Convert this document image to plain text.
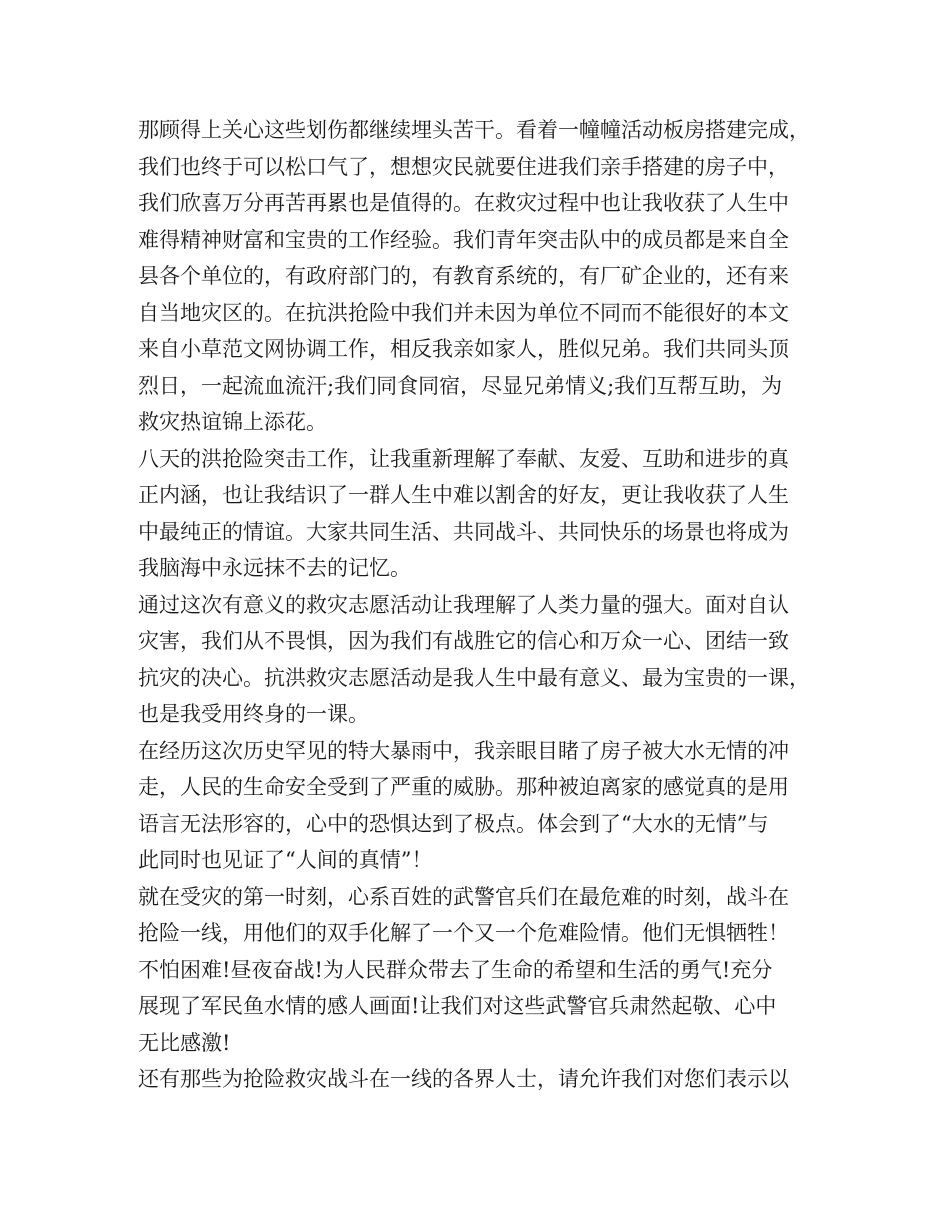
那顾得上关心这些划伤都继续埋头苦干。看着一幢幢活动板房搭建完成，
我们也终于可以松口气了，想想灾民就要住进我们亲手搭建的房子中，
我们欣喜万分再苦再累也是值得的。在救灾过程中也让我收获了人生中
难得精神财富和宝贵的工作经验。我们青年突击队中的成员都是来自全
县各个单位的，有政府部门的，有教育系统的，有厂矿企业的，还有来
自当地灾区的。在抗洪抢险中我们并未因为单位不同而不能很好的本文
来自小草范文网协调工作，相反我亲如家人，胜似兄弟。我们共同头顶
烈日，一起流血流汗;我们同食同宿，尽显兄弟情义;我们互帮互助，为
救灾热谊锦上添花。
八天的洪抢险突击工作，让我重新理解了奉献、友爱、互助和进步的真
正内涵，也让我结识了一群人生中难以割舍的好友，更让我收获了人生
中最纯正的情谊。大家共同生活、共同战斗、共同快乐的场景也将成为
我脑海中永远抹不去的记忆。
通过这次有意义的救灾志愿活动让我理解了人类力量的强大。面对自认
灾害，我们从不畏惧，因为我们有战胜它的信心和万众一心、团结一致
抗灾的决心。抗洪救灾志愿活动是我人生中最有意义、最为宝贵的一课，
也是我受用终身的一课。
在经历这次历史罕见的特大暴雨中，我亲眼目睹了房子被大水无情的冲
走，人民的生命安全受到了严重的威胁。那种被迫离家的感觉真的是用
语言无法形容的，心中的恐惧达到了极点。体会到了“大水的无情”与
此同时也见证了“人间的真情”！
就在受灾的第一时刻，心系百姓的武警官兵们在最危难的时刻，战斗在
抢险一线，用他们的双手化解了一个又一个危难险情。他们无惧牺牲！
不怕困难!昼夜奋战!为人民群众带去了生命的希望和生活的勇气!充分
展现了军民鱼水情的感人画面!让我们对这些武警官兵肃然起敬、心中
无比感激!
还有那些为抢险救灾战斗在一线的各界人士，请允许我们对您们表示以
